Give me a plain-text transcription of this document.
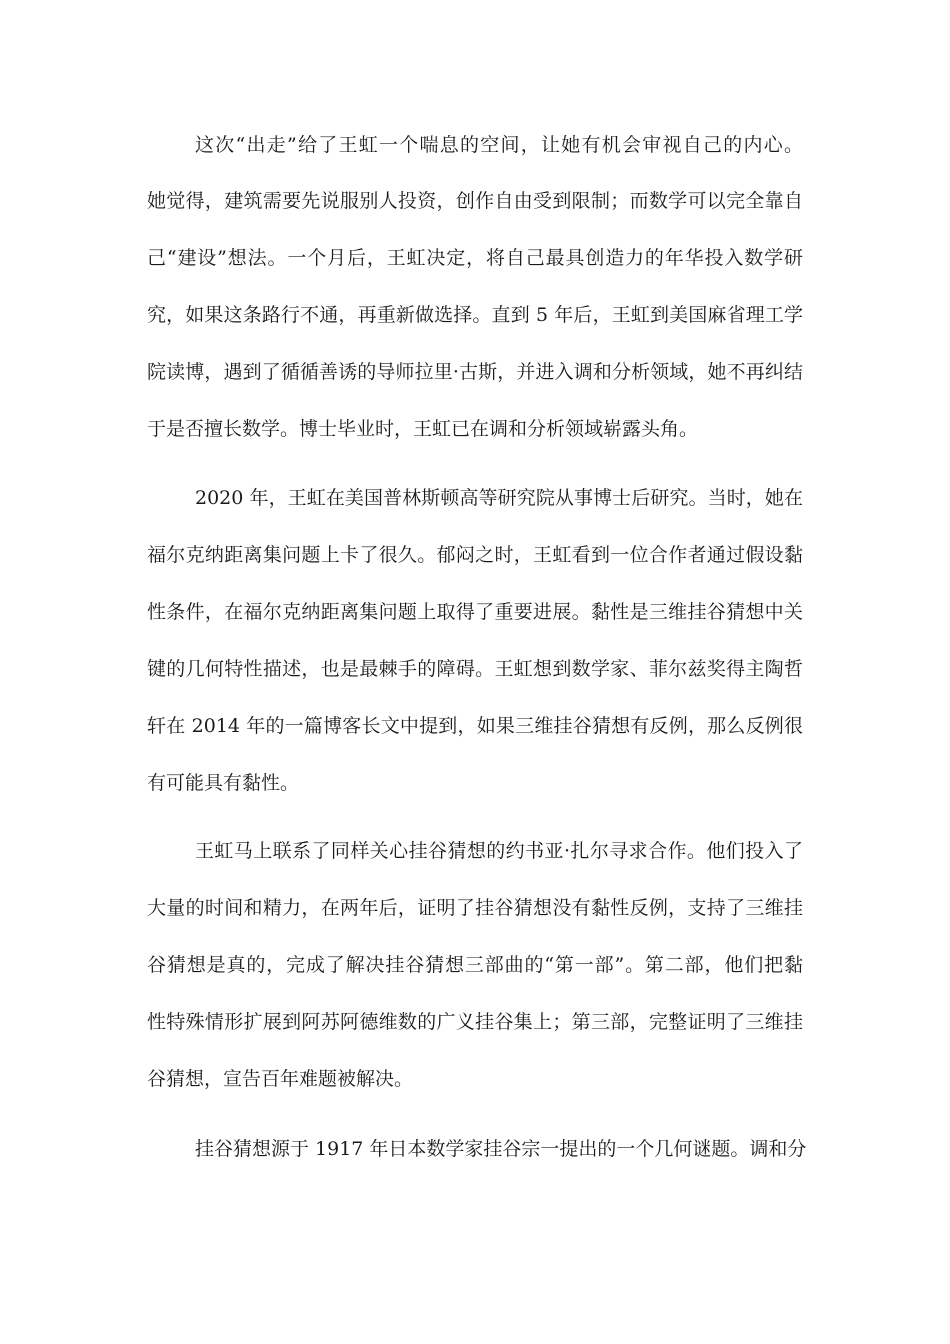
这次“出走”给了王虹一个喘息的空间，让她有机会审视自己的内心。
她觉得，建筑需要先说服别人投资，创作自由受到限制；而数学可以完全靠自
己“建设”想法。一个月后，王虹决定，将自己最具创造力的年华投入数学研
究，如果这条路行不通，再重新做选择。直到 5 年后，王虹到美国麻省理工学
院读博，遇到了循循善诱的导师拉里·古斯，并进入调和分析领域，她不再纠结
于是否擅长数学。博士毕业时，王虹已在调和分析领域崭露头角。
2020 年，王虹在美国普林斯顿高等研究院从事博士后研究。当时，她在
福尔克纳距离集问题上卡了很久。郁闷之时，王虹看到一位合作者通过假设黏
性条件，在福尔克纳距离集问题上取得了重要进展。黏性是三维挂谷猜想中关
键的几何特性描述，也是最棘手的障碍。王虹想到数学家、菲尔兹奖得主陶哲
轩在 2014 年的一篇博客长文中提到，如果三维挂谷猜想有反例，那么反例很
有可能具有黏性。
王虹马上联系了同样关心挂谷猜想的约书亚·扎尔寻求合作。他们投入了
大量的时间和精力，在两年后，证明了挂谷猜想没有黏性反例，支持了三维挂
谷猜想是真的，完成了解决挂谷猜想三部曲的“第一部”。第二部，他们把黏
性特殊情形扩展到阿苏阿德维数的广义挂谷集上；第三部，完整证明了三维挂
谷猜想，宣告百年难题被解决。
挂谷猜想源于 1917 年日本数学家挂谷宗一提出的一个几何谜题。调和分
